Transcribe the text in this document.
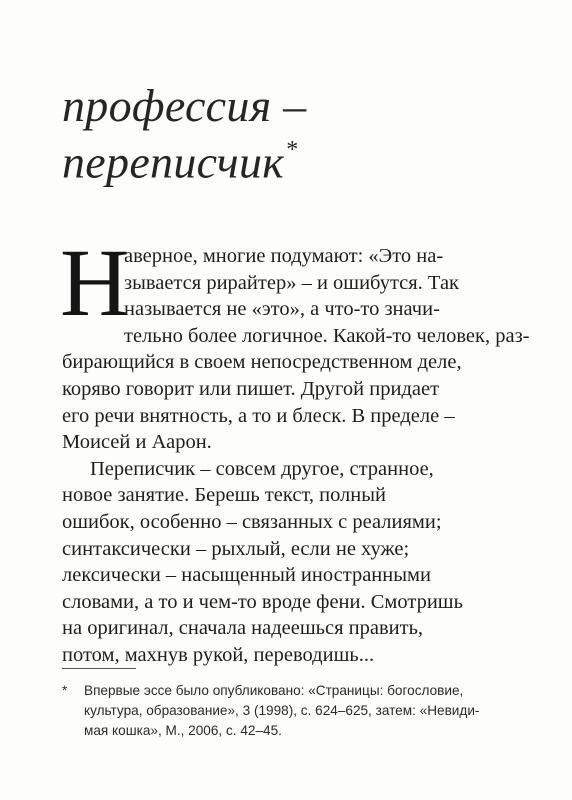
профессия –
переписчик*

Н
аверное, многие подумают: «Это на-
зывается рирайтер» – и ошибутся. Так
называется не «это», а что-то значи-
тельно более логичное. Какой-то человек, раз-
бирающийся в своем непосредственном деле,
коряво говорит или пишет. Другой придает
его речи внятность, а то и блеск. В пределе –
Моисей и Аарон.

Переписчик – совсем другое, странное,
новое занятие. Берешь текст, полный
ошибок, особенно – связанных с реалиями;
синтаксически – рыхлый, если не хуже;
лексически – насыщенный иностранными
словами, а то и чем-то вроде фени. Смотришь
на оригинал, сначала надеешься править,
потом, махнув рукой, переводишь...

* Впервые эссе было опубликовано: «Страницы: богословие,
культура, образование», 3 (1998), с. 624–625, затем: «Невиди-
мая кошка», М., 2006, с. 42–45.
